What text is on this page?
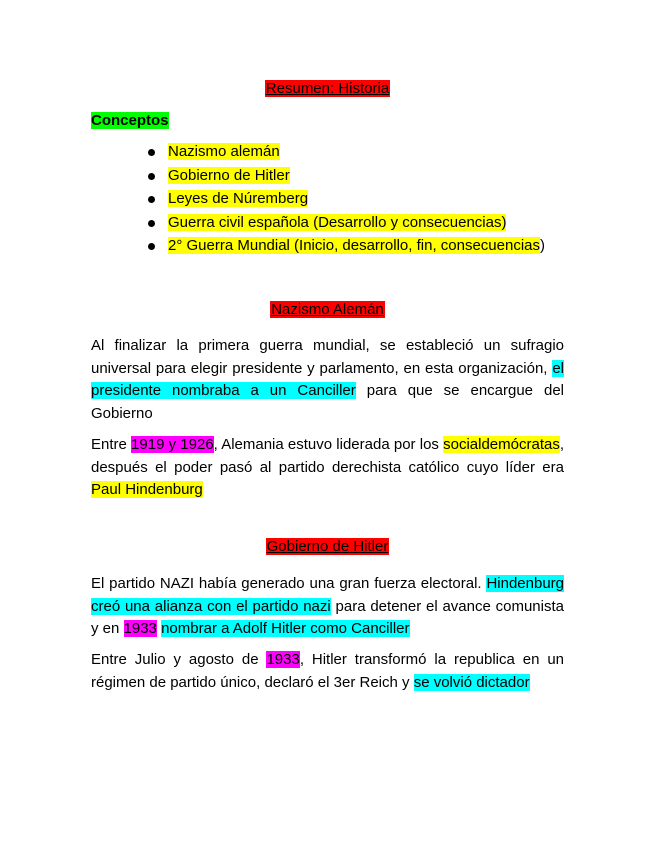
Resumen: Historia
Conceptos
Nazismo alemán
Gobierno de Hitler
Leyes de Núremberg
Guerra civil española (Desarrollo y consecuencias)
2° Guerra Mundial (Inicio, desarrollo, fin, consecuencias)
Nazismo Alemán

Al finalizar la primera guerra mundial, se estableció un sufragio universal para elegir presidente y parlamento, en esta organización, el presidente nombraba a un Canciller para que se encargue del Gobierno

Entre 1919 y 1926, Alemania estuvo liderada por los socialdemócratas, después el poder pasó al partido derechista católico cuyo líder era Paul Hindenburg

Gobierno de Hitler

El partido NAZI había generado una gran fuerza electoral. Hindenburg creó una alianza con el partido nazi para detener el avance comunista y en 1933 nombrar a Adolf Hitler como Canciller

Entre Julio y agosto de 1933, Hitler transformó la republica en un régimen de partido único, declaró el 3er Reich y se volvió dictador
